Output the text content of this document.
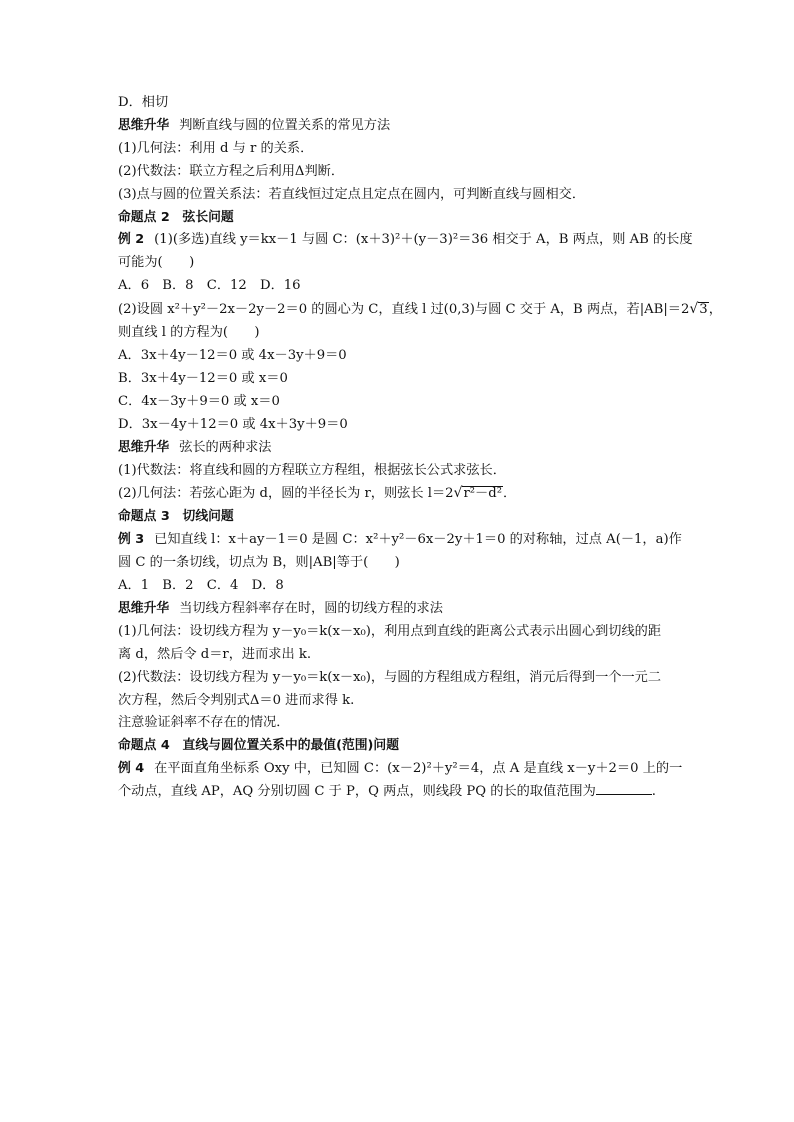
D．相切
思维升华 判断直线与圆的位置关系的常见方法
(1)几何法：利用 d 与 r 的关系．
(2)代数法：联立方程之后利用Δ判断．
(3)点与圆的位置关系法：若直线恒过定点且定点在圆内，可判断直线与圆相交．
命题点 2　弦长问题
例 2 (1)(多选)直线 y＝kx－1 与圆 C：(x＋3)²＋(y－3)²＝36 相交于 A，B 两点，则 AB 的长度
可能为(　　)
A．6　B．8　C．12　D．16
(2)设圆 x²＋y²－2x－2y－2＝0 的圆心为 C，直线 l 过(0,3)与圆 C 交于 A，B 两点，若|AB|＝2√3，
则直线 l 的方程为(　　)
A．3x＋4y－12＝0 或 4x－3y＋9＝0
B．3x＋4y－12＝0 或 x＝0
C．4x－3y＋9＝0 或 x＝0
D．3x－4y＋12＝0 或 4x＋3y＋9＝0
思维升华 弦长的两种求法
(1)代数法：将直线和圆的方程联立方程组，根据弦长公式求弦长．
(2)几何法：若弦心距为 d，圆的半径长为 r，则弦长 l＝2√r²－d²．
命题点 3　切线问题
例 3 已知直线 l：x＋ay－1＝0 是圆 C：x²＋y²－6x－2y＋1＝0 的对称轴，过点 A(－1，a)作
圆 C 的一条切线，切点为 B，则|AB|等于(　　)
A．1　B．2　C．4　D．8
思维升华 当切线方程斜率存在时，圆的切线方程的求法
(1)几何法：设切线方程为 y－y₀＝k(x－x₀)，利用点到直线的距离公式表示出圆心到切线的距
离 d，然后令 d＝r，进而求出 k.
(2)代数法：设切线方程为 y－y₀＝k(x－x₀)，与圆的方程组成方程组，消元后得到一个一元二
次方程，然后令判别式Δ＝0 进而求得 k.
注意验证斜率不存在的情况．
命题点 4　直线与圆位置关系中的最值(范围)问题
例 4 在平面直角坐标系 Oxy 中，已知圆 C：(x－2)²＋y²＝4，点 A 是直线 x－y＋2＝0 上的一
个动点，直线 AP，AQ 分别切圆 C 于 P，Q 两点，则线段 PQ 的长的取值范围为	.
